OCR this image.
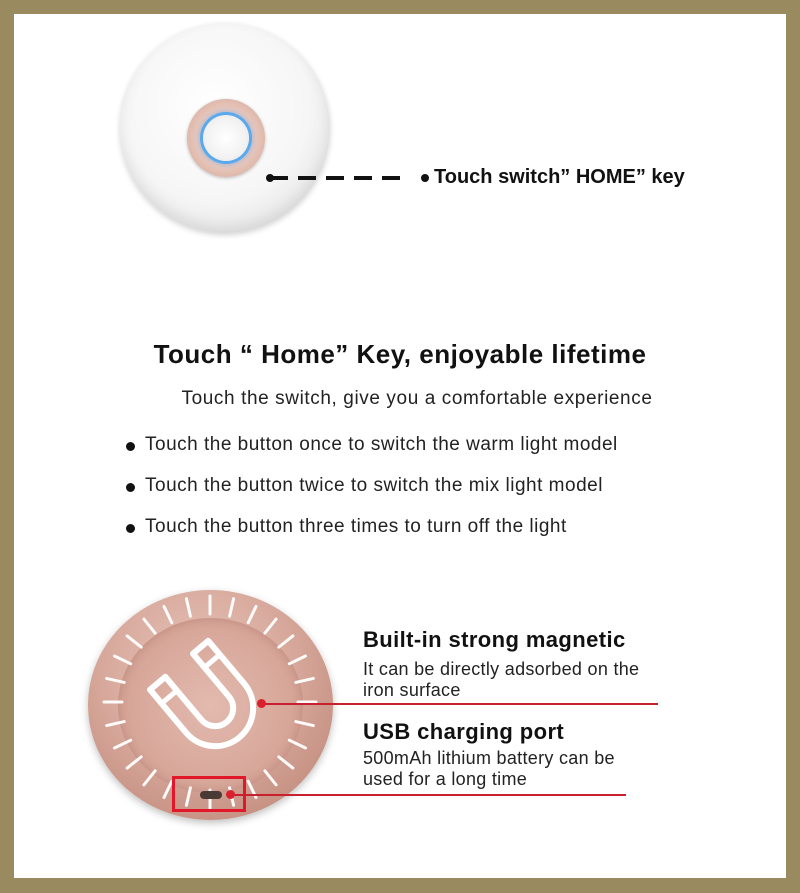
Touch switch” HOME” key
Touch “ Home” Key, enjoyable lifetime
Touch the switch, give you a comfortable experience
Touch the button once to switch the warm light model
Touch the button twice to switch the mix light model
Touch the button three times to turn off the light
Built-in strong magnetic
It can be directly adsorbed on the
iron surface
USB charging port
500mAh lithium battery can be
used for a long time
